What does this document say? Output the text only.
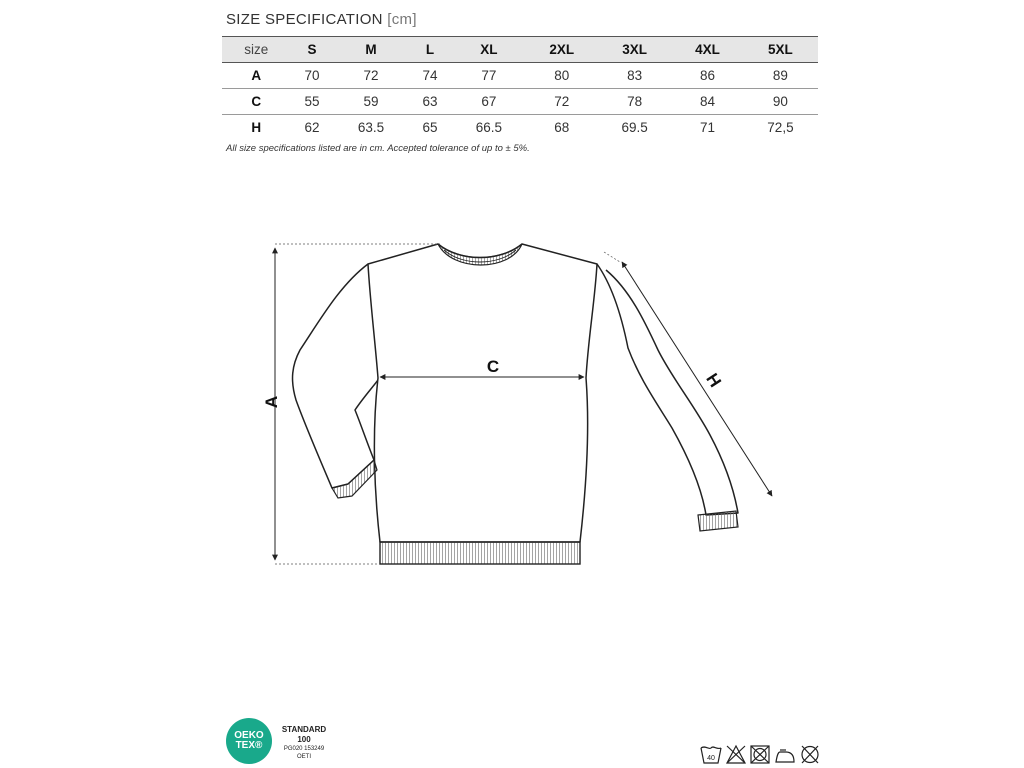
SIZE SPECIFICATION [cm]
size	S	M	L	XL	2XL	3XL	4XL	5XL
A	70	72	74	77	80	83	86	89
C	55	59	63	67	72	78	84	90
H	62	63.5	65	66.5	68	69.5	71	72,5
All size specifications listed are in cm. Accepted tolerance of up to ± 5%.
A
C
H
OEKO
TEX®
STANDARD
100
PG020 153249
OETI	40
